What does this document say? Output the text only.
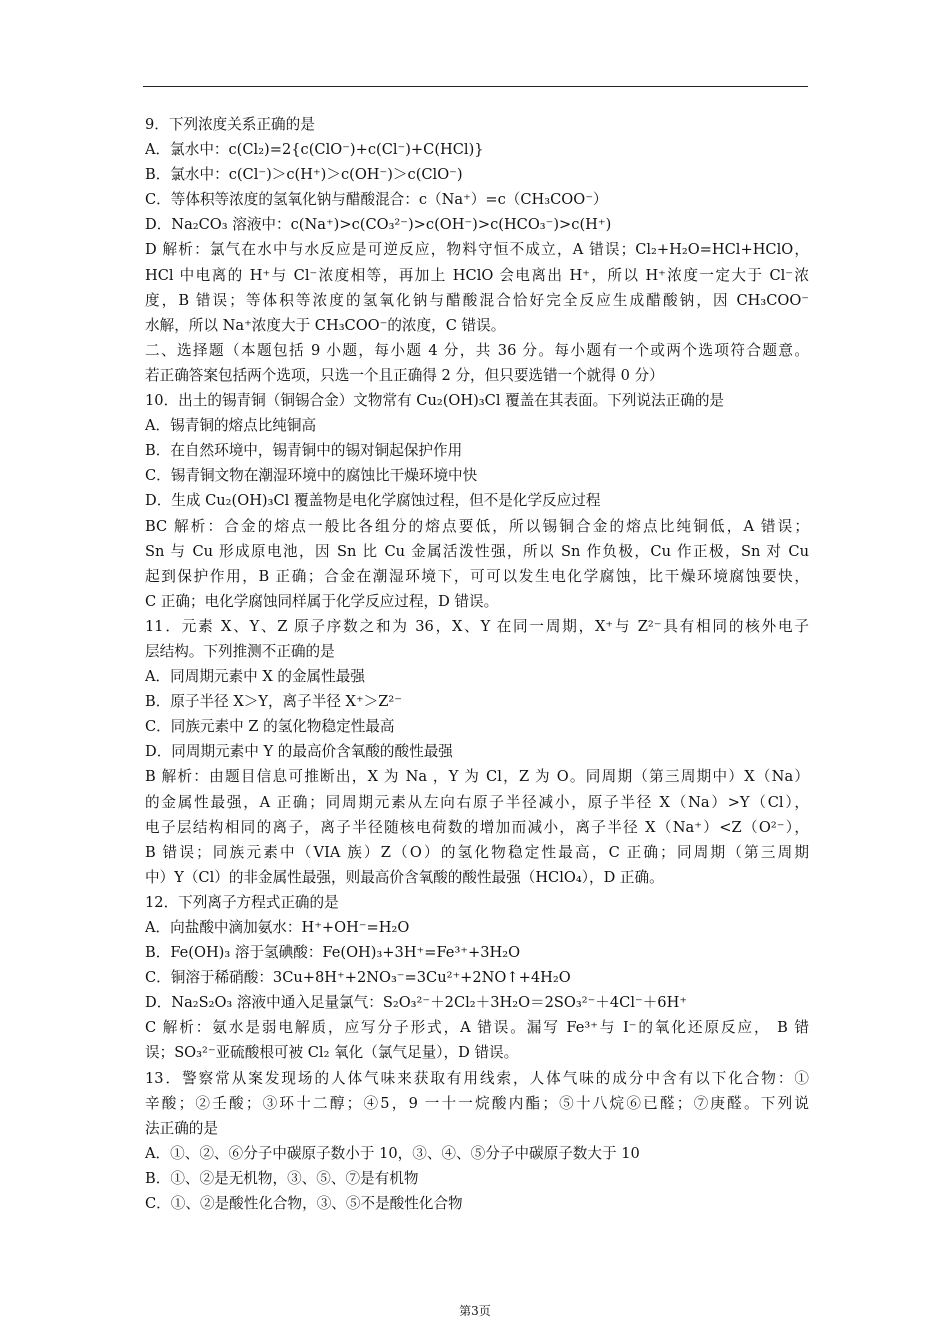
9．下列浓度关系正确的是
A．氯水中：c(Cl₂)=2{c(ClO⁻)+c(Cl⁻)+C(HCl)}
B．氯水中：c(Cl⁻)＞c(H⁺)＞c(OH⁻)＞c(ClO⁻)
C．等体积等浓度的氢氧化钠与醋酸混合：c（Na⁺）=c（CH₃COO⁻）
D．Na₂CO₃ 溶液中：c(Na⁺)>c(CO₃²⁻)>c(OH⁻)>c(HCO₃⁻)>c(H⁺)
D 解析：氯气在水中与水反应是可逆反应，物料守恒不成立，A 错误；Cl₂+H₂O=HCl+HClO，
HCl 中电离的 H⁺与 Cl⁻浓度相等，再加上 HClO 会电离出 H⁺，所以 H⁺浓度一定大于 Cl⁻浓
度，B 错误；等体积等浓度的氢氧化钠与醋酸混合恰好完全反应生成醋酸钠，因 CH₃COO⁻
水解，所以 Na⁺浓度大于 CH₃COO⁻的浓度，C 错误。
二、选择题（本题包括 9 小题，每小题 4 分，共 36 分。每小题有一个或两个选项符合题意。
若正确答案包括两个选项，只选一个且正确得 2 分，但只要选错一个就得 0 分）
10．出土的锡青铜（铜锡合金）文物常有 Cu₂(OH)₃Cl 覆盖在其表面。下列说法正确的是
A．锡青铜的熔点比纯铜高
B．在自然环境中，锡青铜中的锡对铜起保护作用
C．锡青铜文物在潮湿环境中的腐蚀比干燥环境中快
D．生成 Cu₂(OH)₃Cl 覆盖物是电化学腐蚀过程，但不是化学反应过程
BC 解析：合金的熔点一般比各组分的熔点要低，所以锡铜合金的熔点比纯铜低，A 错误；
Sn 与 Cu 形成原电池，因 Sn 比 Cu 金属活泼性强，所以 Sn 作负极，Cu 作正极，Sn 对 Cu
起到保护作用，B 正确；合金在潮湿环境下，可可以发生电化学腐蚀，比干燥环境腐蚀要快，
C 正确；电化学腐蚀同样属于化学反应过程，D 错误。
11．元素 X、Y、Z 原子序数之和为 36，X、Y 在同一周期，X⁺与 Z²⁻具有相同的核外电子
层结构。下列推测不正确的是
A．同周期元素中 X 的金属性最强
B．原子半径 X＞Y，离子半径 X⁺＞Z²⁻
C．同族元素中 Z 的氢化物稳定性最高
D．同周期元素中 Y 的最高价含氧酸的酸性最强
B 解析：由题目信息可推断出，X 为 Na ，Y 为 Cl，Z 为 O。同周期（第三周期中）X（Na）
的金属性最强，A 正确；同周期元素从左向右原子半径减小，原子半径 X（Na）>Y（Cl），
电子层结构相同的离子，离子半径随核电荷数的增加而减小，离子半径 X（Na⁺）<Z（O²⁻），
B 错误；同族元素中（VIA 族）Z（O）的氢化物稳定性最高，C 正确；同周期（第三周期
中）Y（Cl）的非金属性最强，则最高价含氧酸的酸性最强（HClO₄），D 正确。
12．下列离子方程式正确的是
A．向盐酸中滴加氨水：H⁺+OH⁻=H₂O
B．Fe(OH)₃ 溶于氢碘酸：Fe(OH)₃+3H⁺=Fe³⁺+3H₂O
C．铜溶于稀硝酸：3Cu+8H⁺+2NO₃⁻=3Cu²⁺+2NO↑+4H₂O
D．Na₂S₂O₃ 溶液中通入足量氯气：S₂O₃²⁻＋2Cl₂＋3H₂O＝2SO₃²⁻＋4Cl⁻＋6H⁺
C 解析：氨水是弱电解质，应写分子形式，A 错误。漏写 Fe³⁺与 I⁻的氧化还原反应， B 错
误；SO₃²⁻亚硫酸根可被 Cl₂ 氧化（氯气足量），D 错误。
13．警察常从案发现场的人体气味来获取有用线索，人体气味的成分中含有以下化合物：①
辛酸；②壬酸；③环十二醇；④5，9 一十一烷酸内酯；⑤十八烷⑥已醛；⑦庚醛。下列说
法正确的是
A．①、②、⑥分子中碳原子数小于 10，③、④、⑤分子中碳原子数大于 10
B．①、②是无机物，③、⑤、⑦是有机物
C．①、②是酸性化合物，③、⑤不是酸性化合物
第3页
